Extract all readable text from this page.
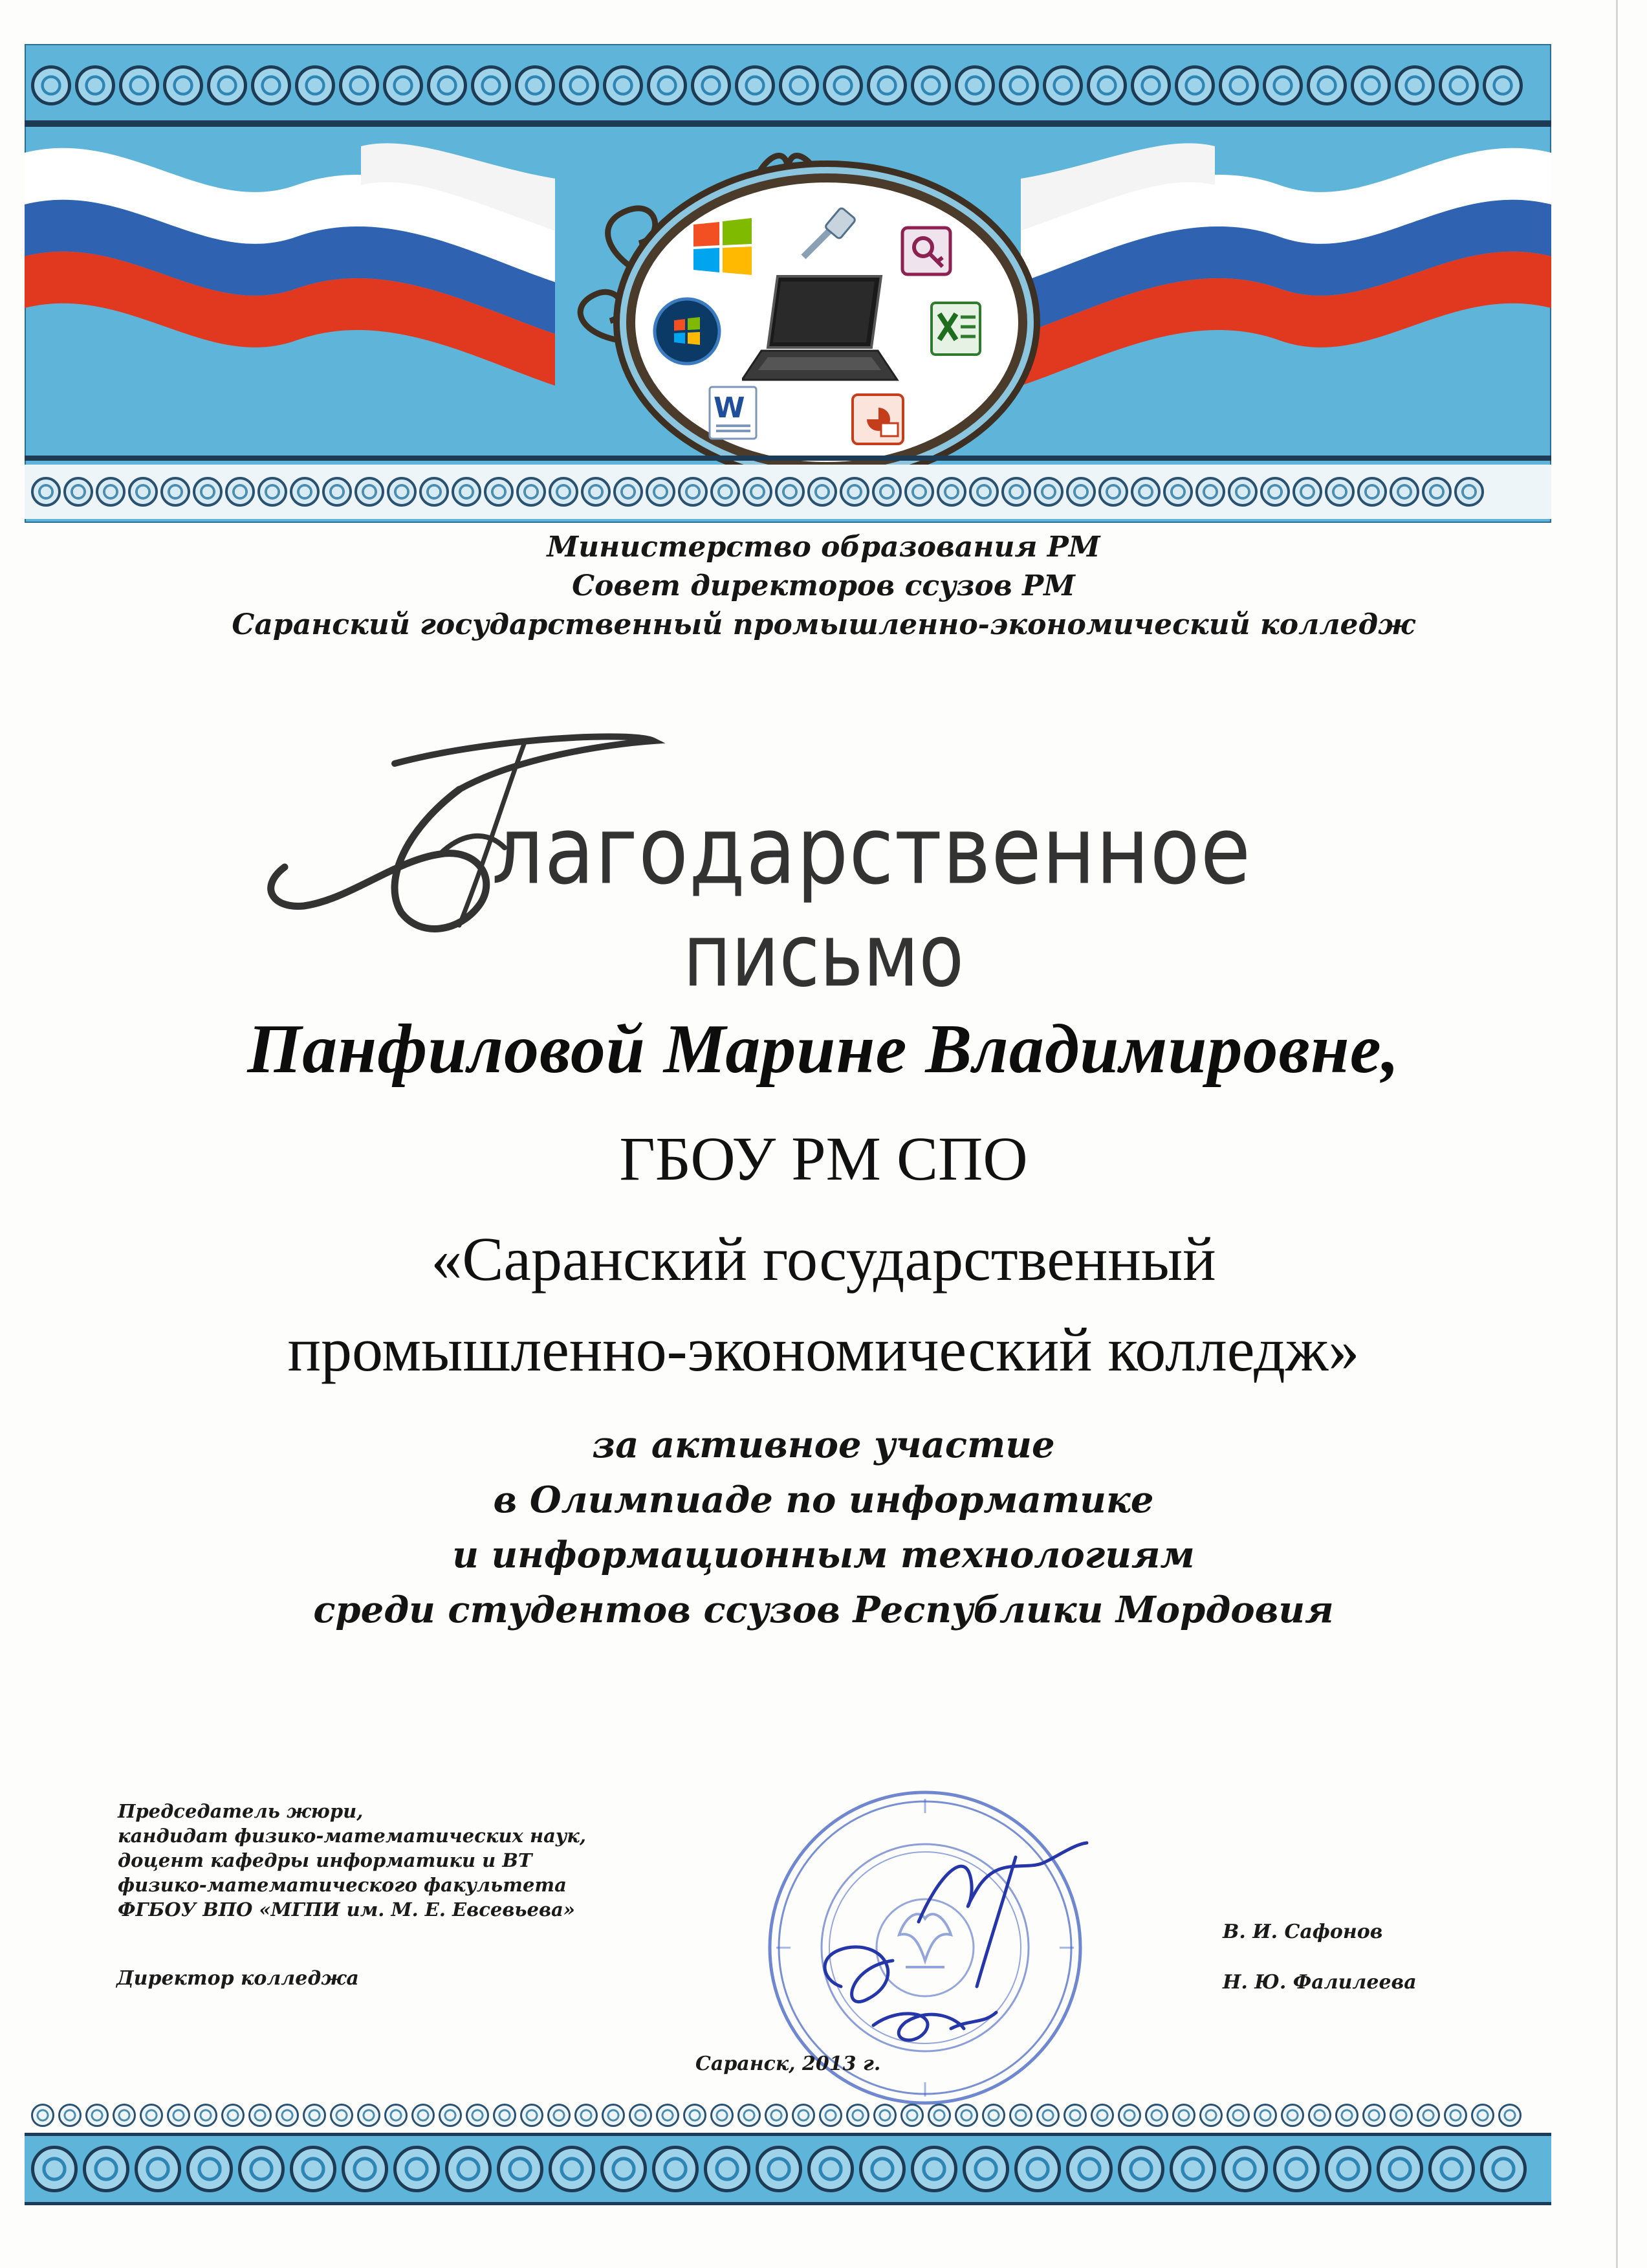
W
Министерство образования РМ
Совет директоров ссузов РМ
Саранский государственный промышленно-экономический колледж
Б
лагодарственное
письмо
Панфиловой Марине Владимировне,
ГБОУ РМ СПО
«Саранский государственный
промышленно-экономический колледж»
за активное участие
в Олимпиаде по информатике
и информационным технологиям
среди студентов ссузов Республики Мордовия
Председатель жюри,
кандидат физико-математических наук,
доцент кафедры информатики и ВТ
физико-математического факультета
ФГБОУ ВПО «МГПИ им. М. Е. Евсевьева»
Директор колледжа
В. И. Сафонов
Н. Ю. Фалилеева
Саранск, 2013 г.
